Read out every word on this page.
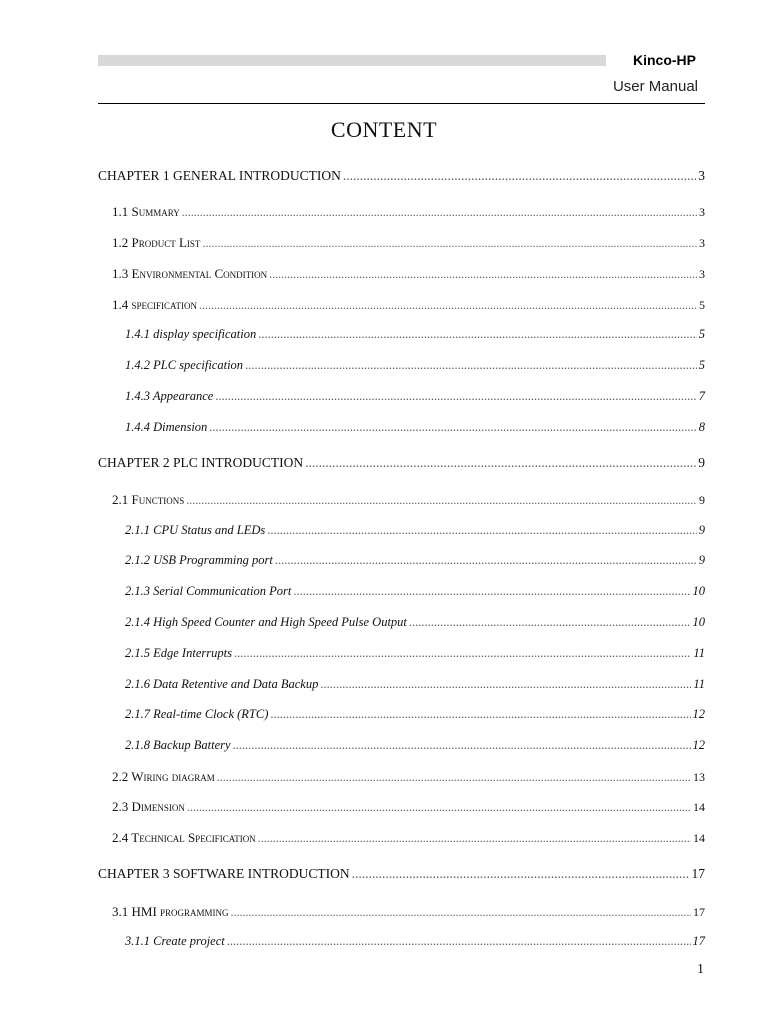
Kinco-HP
User Manual
CONTENT
CHAPTER 1 GENERAL INTRODUCTION .....	3
1.1 Summary .....	3
1.2 Product List .....	3
1.3 Environmental Condition .....	3
1.4 specification .....	5
1.4.1 display specification .....	5
1.4.2 PLC specification .....	5
1.4.3 Appearance .....	7
1.4.4 Dimension .....	8
CHAPTER 2 PLC INTRODUCTION .....	9
2.1 Functions .....	9
2.1.1 CPU Status and LEDs .....	9
2.1.2 USB Programming port .....	9
2.1.3 Serial Communication Port .....	10
2.1.4 High Speed Counter and High Speed Pulse Output .....	10
2.1.5 Edge Interrupts .....	11
2.1.6 Data Retentive and Data Backup .....	11
2.1.7 Real-time Clock (RTC) .....	12
2.1.8 Backup Battery .....	12
2.2 Wiring diagram .....	13
2.3 Dimension .....	14
2.4 Technical Specification .....	14
CHAPTER 3 SOFTWARE INTRODUCTION .....	17
3.1 HMI programming .....	17
3.1.1 Create project .....	17
1
